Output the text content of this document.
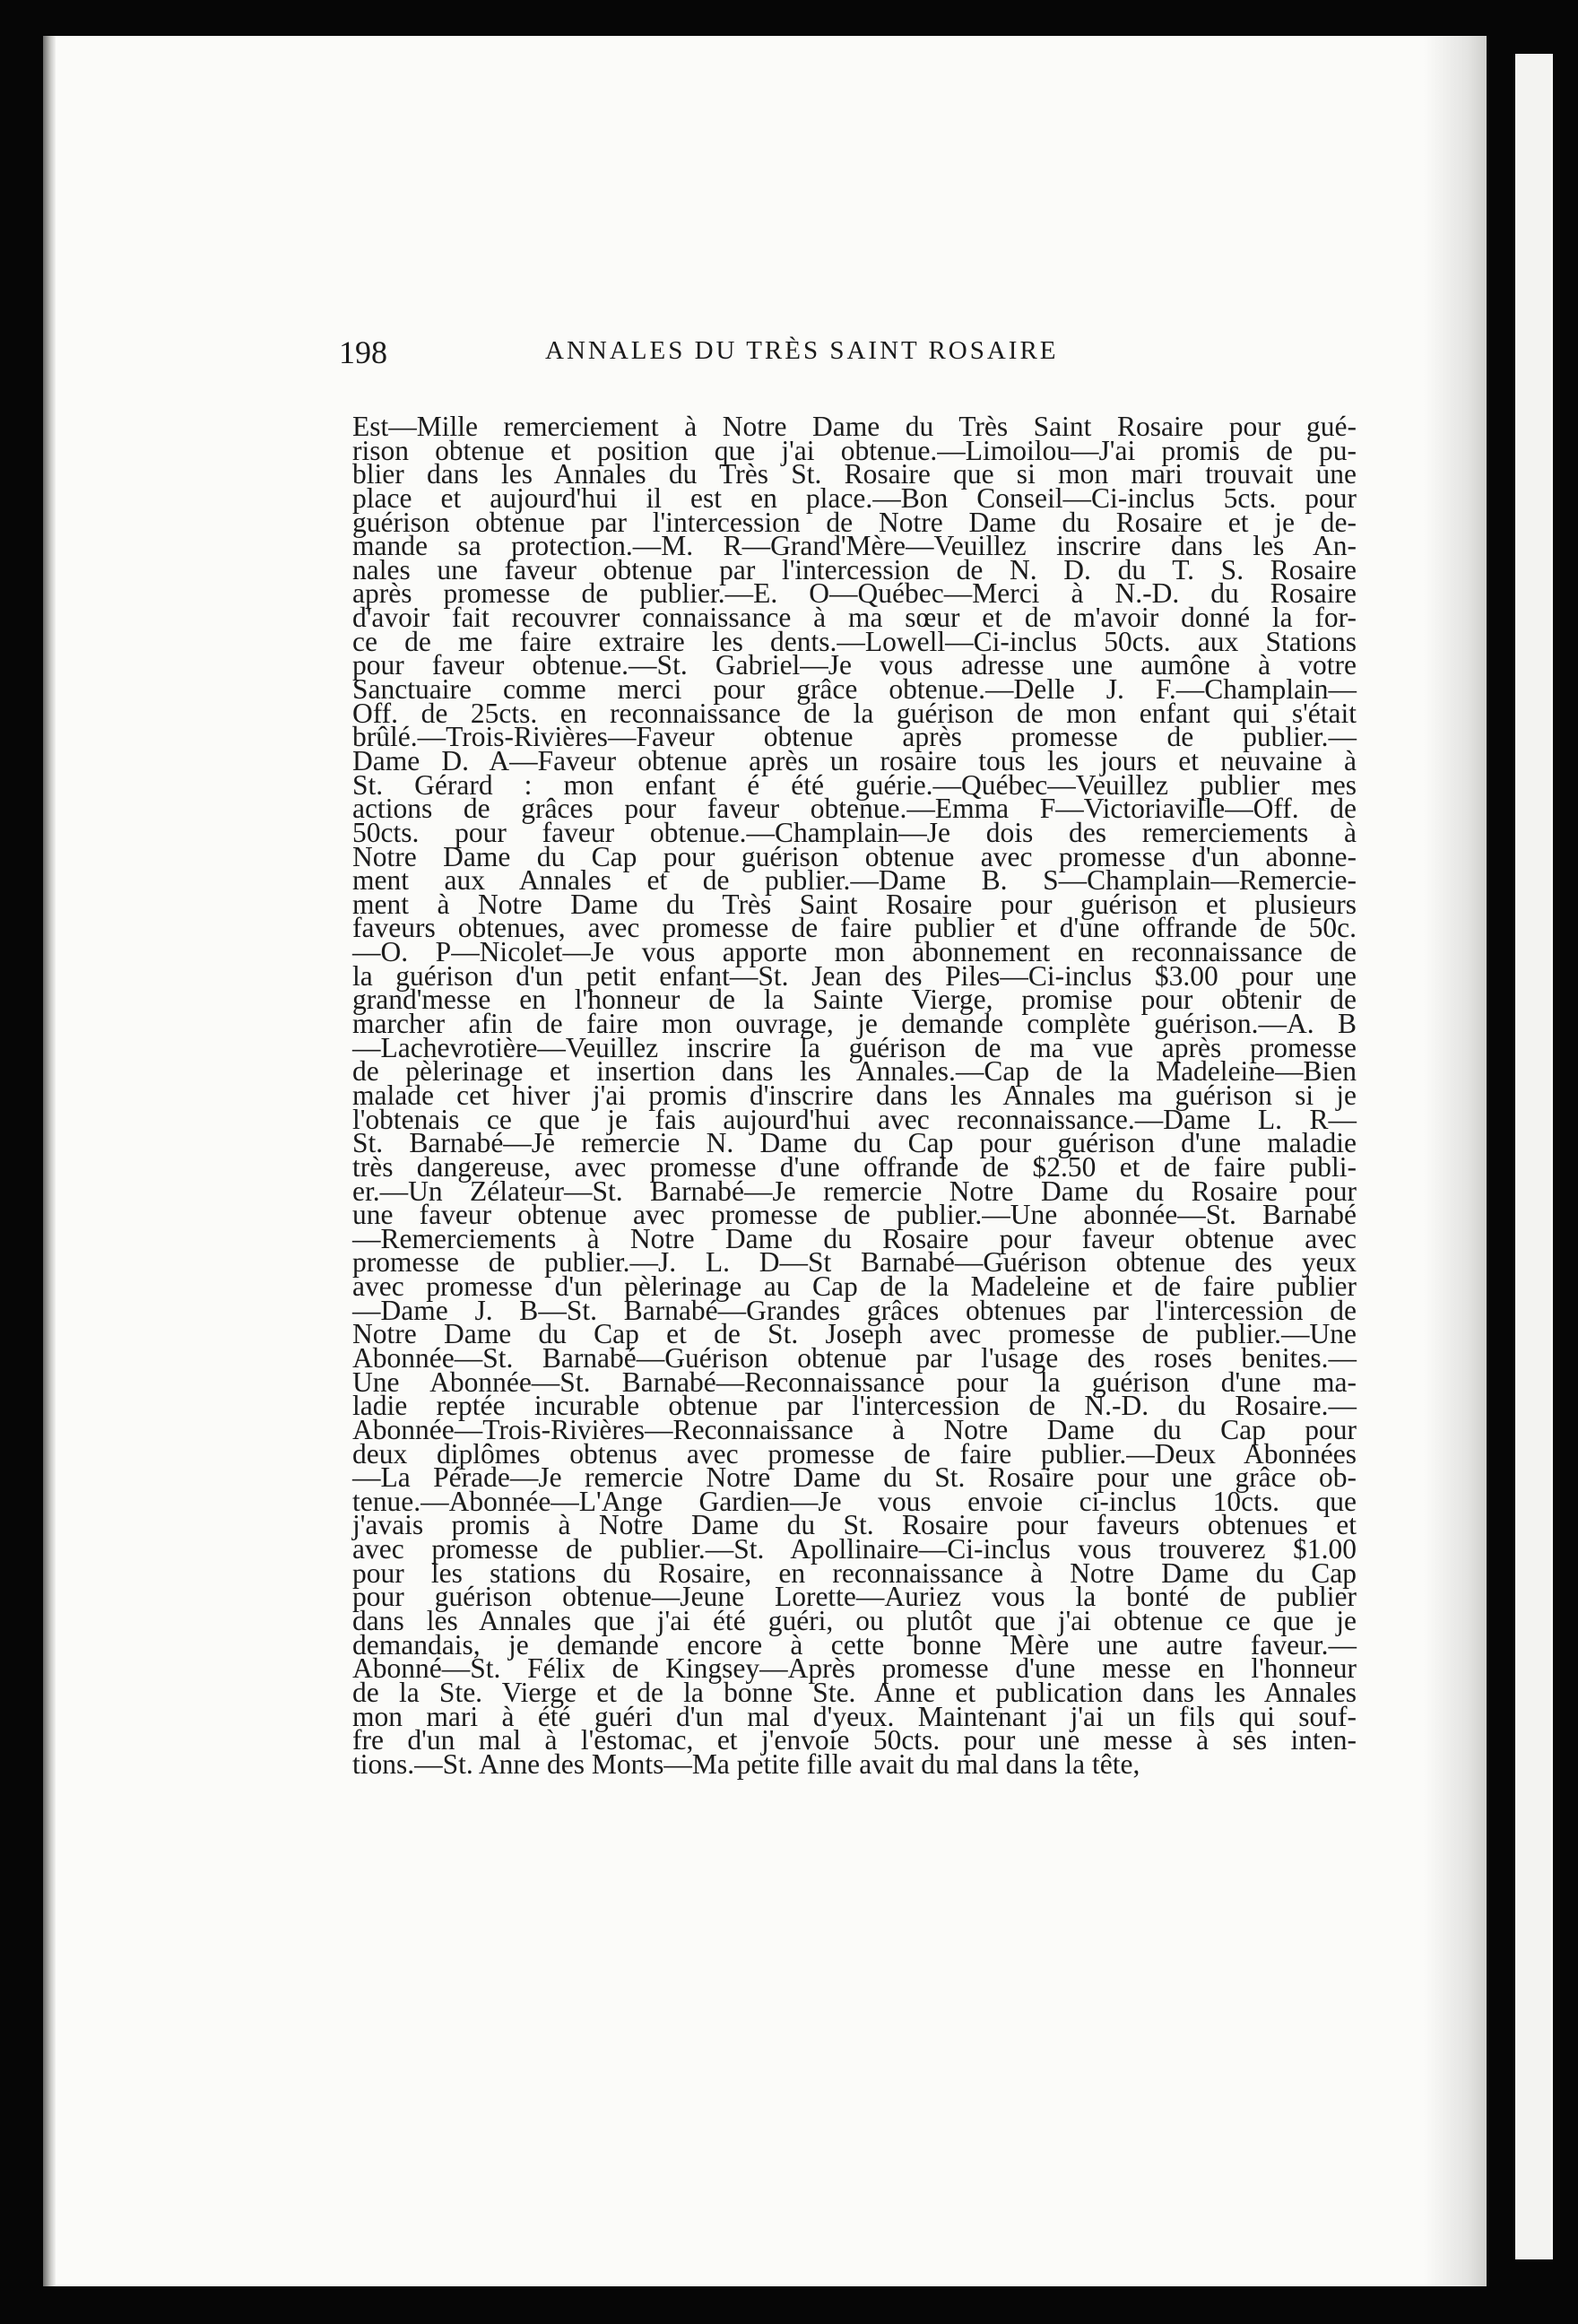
198	ANNALES DU TRÈS SAINT ROSAIRE
Est—Mille remerciement à Notre Dame du Très Saint Rosaire pour gué-
rison obtenue et position que j'ai obtenue.—Limoilou—J'ai promis de pu-
blier dans les Annales du Très St. Rosaire que si mon mari trouvait une
place et aujourd'hui il est en place.—Bon Conseil—Ci-inclus 5cts. pour
guérison obtenue par l'intercession de Notre Dame du Rosaire et je de-
mande sa protection.—M. R—Grand'Mère—Veuillez inscrire dans les An-
nales une faveur obtenue par l'intercession de N. D. du T. S. Rosaire
après promesse de publier.—E. O—Québec—Merci à N.-D. du Rosaire
d'avoir fait recouvrer connaissance à ma sœur et de m'avoir donné la for-
ce de me faire extraire les dents.—Lowell—Ci-inclus 50cts. aux Stations
pour faveur obtenue.—St. Gabriel—Je vous adresse une aumône à votre
Sanctuaire comme merci pour grâce obtenue.—Delle J. F.—Champlain—
Off. de 25cts. en reconnaissance de la guérison de mon enfant qui s'était
brûlé.—Trois-Rivières—Faveur obtenue après promesse de publier.—
Dame D. A—Faveur obtenue après un rosaire tous les jours et neuvaine à
St. Gérard : mon enfant é été guérie.—Québec—Veuillez publier mes
actions de grâces pour faveur obtenue.—Emma F—Victoriaville—Off. de
50cts. pour faveur obtenue.—Champlain—Je dois des remerciements à
Notre Dame du Cap pour guérison obtenue avec promesse d'un abonne-
ment aux Annales et de publier.—Dame B. S—Champlain—Remercie-
ment à Notre Dame du Très Saint Rosaire pour guérison et plusieurs
faveurs obtenues, avec promesse de faire publier et d'une offrande de 50c.
—O. P—Nicolet—Je vous apporte mon abonnement en reconnaissance de
la guérison d'un petit enfant—St. Jean des Piles—Ci-inclus $3.00 pour une
grand'messe en l'honneur de la Sainte Vierge, promise pour obtenir de
marcher afin de faire mon ouvrage, je demande complète guérison.—A. B
—Lachevrotière—Veuillez inscrire la guérison de ma vue après promesse
de pèlerinage et insertion dans les Annales.—Cap de la Madeleine—Bien
malade cet hiver j'ai promis d'inscrire dans les Annales ma guérison si je
l'obtenais ce que je fais aujourd'hui avec reconnaissance.—Dame L. R—
St. Barnabé—Je remercie N. Dame du Cap pour guérison d'une maladie
très dangereuse, avec promesse d'une offrande de $2.50 et de faire publi-
er.—Un Zélateur—St. Barnabé—Je remercie Notre Dame du Rosaire pour
une faveur obtenue avec promesse de publier.—Une abonnée—St. Barnabé
—Remerciements à Notre Dame du Rosaire pour faveur obtenue avec
promesse de publier.—J. L. D—St Barnabé—Guérison obtenue des yeux
avec promesse d'un pèlerinage au Cap de la Madeleine et de faire publier
—Dame J. B—St. Barnabé—Grandes grâces obtenues par l'intercession de
Notre Dame du Cap et de St. Joseph avec promesse de publier.—Une
Abonnée—St. Barnabé—Guérison obtenue par l'usage des roses benites.—
Une Abonnée—St. Barnabé—Reconnaissance pour la guérison d'une ma-
ladie reptée incurable obtenue par l'intercession de N.-D. du Rosaire.—
Abonnée—Trois-Rivières—Reconnaissance à Notre Dame du Cap pour
deux diplômes obtenus avec promesse de faire publier.—Deux Abonnées
—La Pérade—Je remercie Notre Dame du St. Rosaire pour une grâce ob-
tenue.—Abonnée—L'Ange Gardien—Je vous envoie ci-inclus 10cts. que
j'avais promis à Notre Dame du St. Rosaire pour faveurs obtenues et
avec promesse de publier.—St. Apollinaire—Ci-inclus vous trouverez $1.00
pour les stations du Rosaire, en reconnaissance à Notre Dame du Cap
pour guérison obtenue—Jeune Lorette—Auriez vous la bonté de publier
dans les Annales que j'ai été guéri, ou plutôt que j'ai obtenue ce que je
demandais, je demande encore à cette bonne Mère une autre faveur.—
Abonné—St. Félix de Kingsey—Après promesse d'une messe en l'honneur
de la Ste. Vierge et de la bonne Ste. Anne et publication dans les Annales
mon mari à été guéri d'un mal d'yeux. Maintenant j'ai un fils qui souf-
fre d'un mal à l'estomac, et j'envoie 50cts. pour une messe à ses inten-
tions.—St. Anne des Monts—Ma petite fille avait du mal dans la tête,
